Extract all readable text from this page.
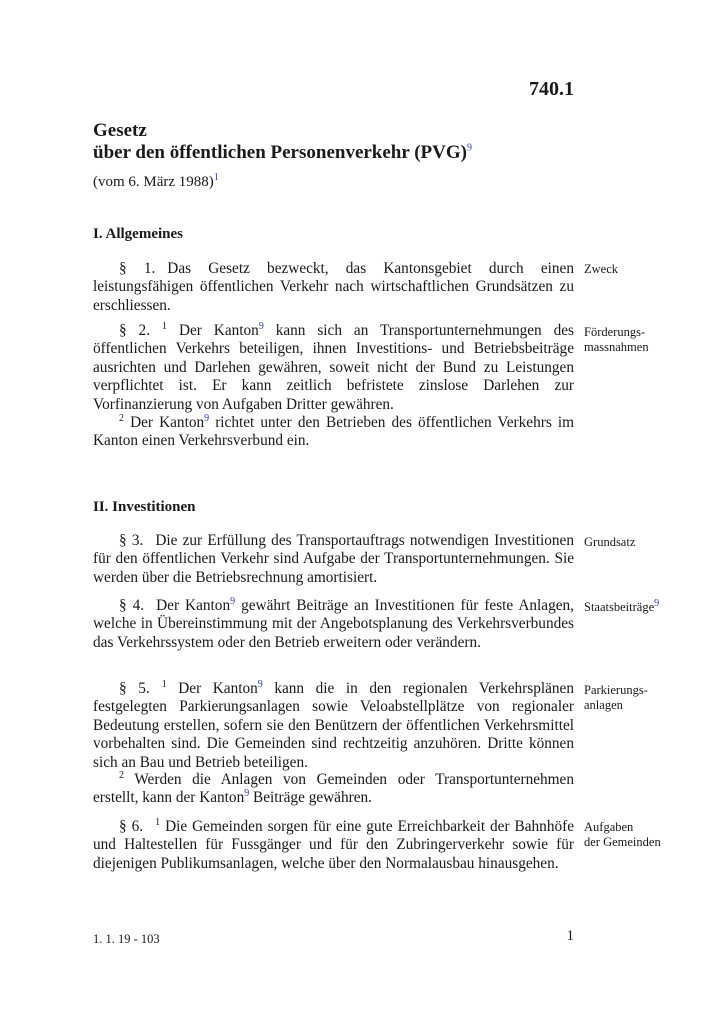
740.1
Gesetz
über den öffentlichen Personenverkehr (PVG)$^9$
(vom 6. März 1988)$^1$
I. Allgemeines

§ 1. Das Gesetz bezweckt, das Kantonsgebiet durch einen leistungsfähigen öffentlichen Verkehr nach wirtschaftlichen Grundsätzen zu erschliessen.

Zweck

§ 2. $^1$ Der Kanton$^9$ kann sich an Transportunternehmungen des öffentlichen Verkehrs beteiligen, ihnen Investitions- und Betriebsbeiträge ausrichten und Darlehen gewähren, soweit nicht der Bund zu Leistungen verpflichtet ist. Er kann zeitlich befristete zinslose Darlehen zur Vorfinanzierung von Aufgaben Dritter gewähren.

$^2$ Der Kanton$^9$ richtet unter den Betrieben des öffentlichen Verkehrs im Kanton einen Verkehrsverbund ein.

Förderungs-
massnahmen
II. Investitionen

§ 3. Die zur Erfüllung des Transportauftrags notwendigen Investitionen für den öffentlichen Verkehr sind Aufgabe der Transportunternehmungen. Sie werden über die Betriebsrechnung amortisiert.

Grundsatz

§ 4. Der Kanton$^9$ gewährt Beiträge an Investitionen für feste Anlagen, welche in Übereinstimmung mit der Angebotsplanung des Verkehrsverbundes das Verkehrssystem oder den Betrieb erweitern oder verändern.

Staatsbeiträge$^9$

§ 5. $^1$ Der Kanton$^9$ kann die in den regionalen Verkehrsplänen festgelegten Parkierungsanlagen sowie Veloabstellplätze von regionaler Bedeutung erstellen, sofern sie den Benützern der öffentlichen Verkehrsmittel vorbehalten sind. Die Gemeinden sind rechtzeitig anzuhören. Dritte können sich an Bau und Betrieb beteiligen.

$^2$ Werden die Anlagen von Gemeinden oder Transportunternehmen erstellt, kann der Kanton$^9$ Beiträge gewähren.

Parkierungs-
anlagen

§ 6. $^1$ Die Gemeinden sorgen für eine gute Erreichbarkeit der Bahnhöfe und Haltestellen für Fussgänger und für den Zubringerverkehr sowie für diejenigen Publikumsanlagen, welche über den Normalausbau hinausgehen.

Aufgaben
der Gemeinden
1. 1. 19 - 103	1
